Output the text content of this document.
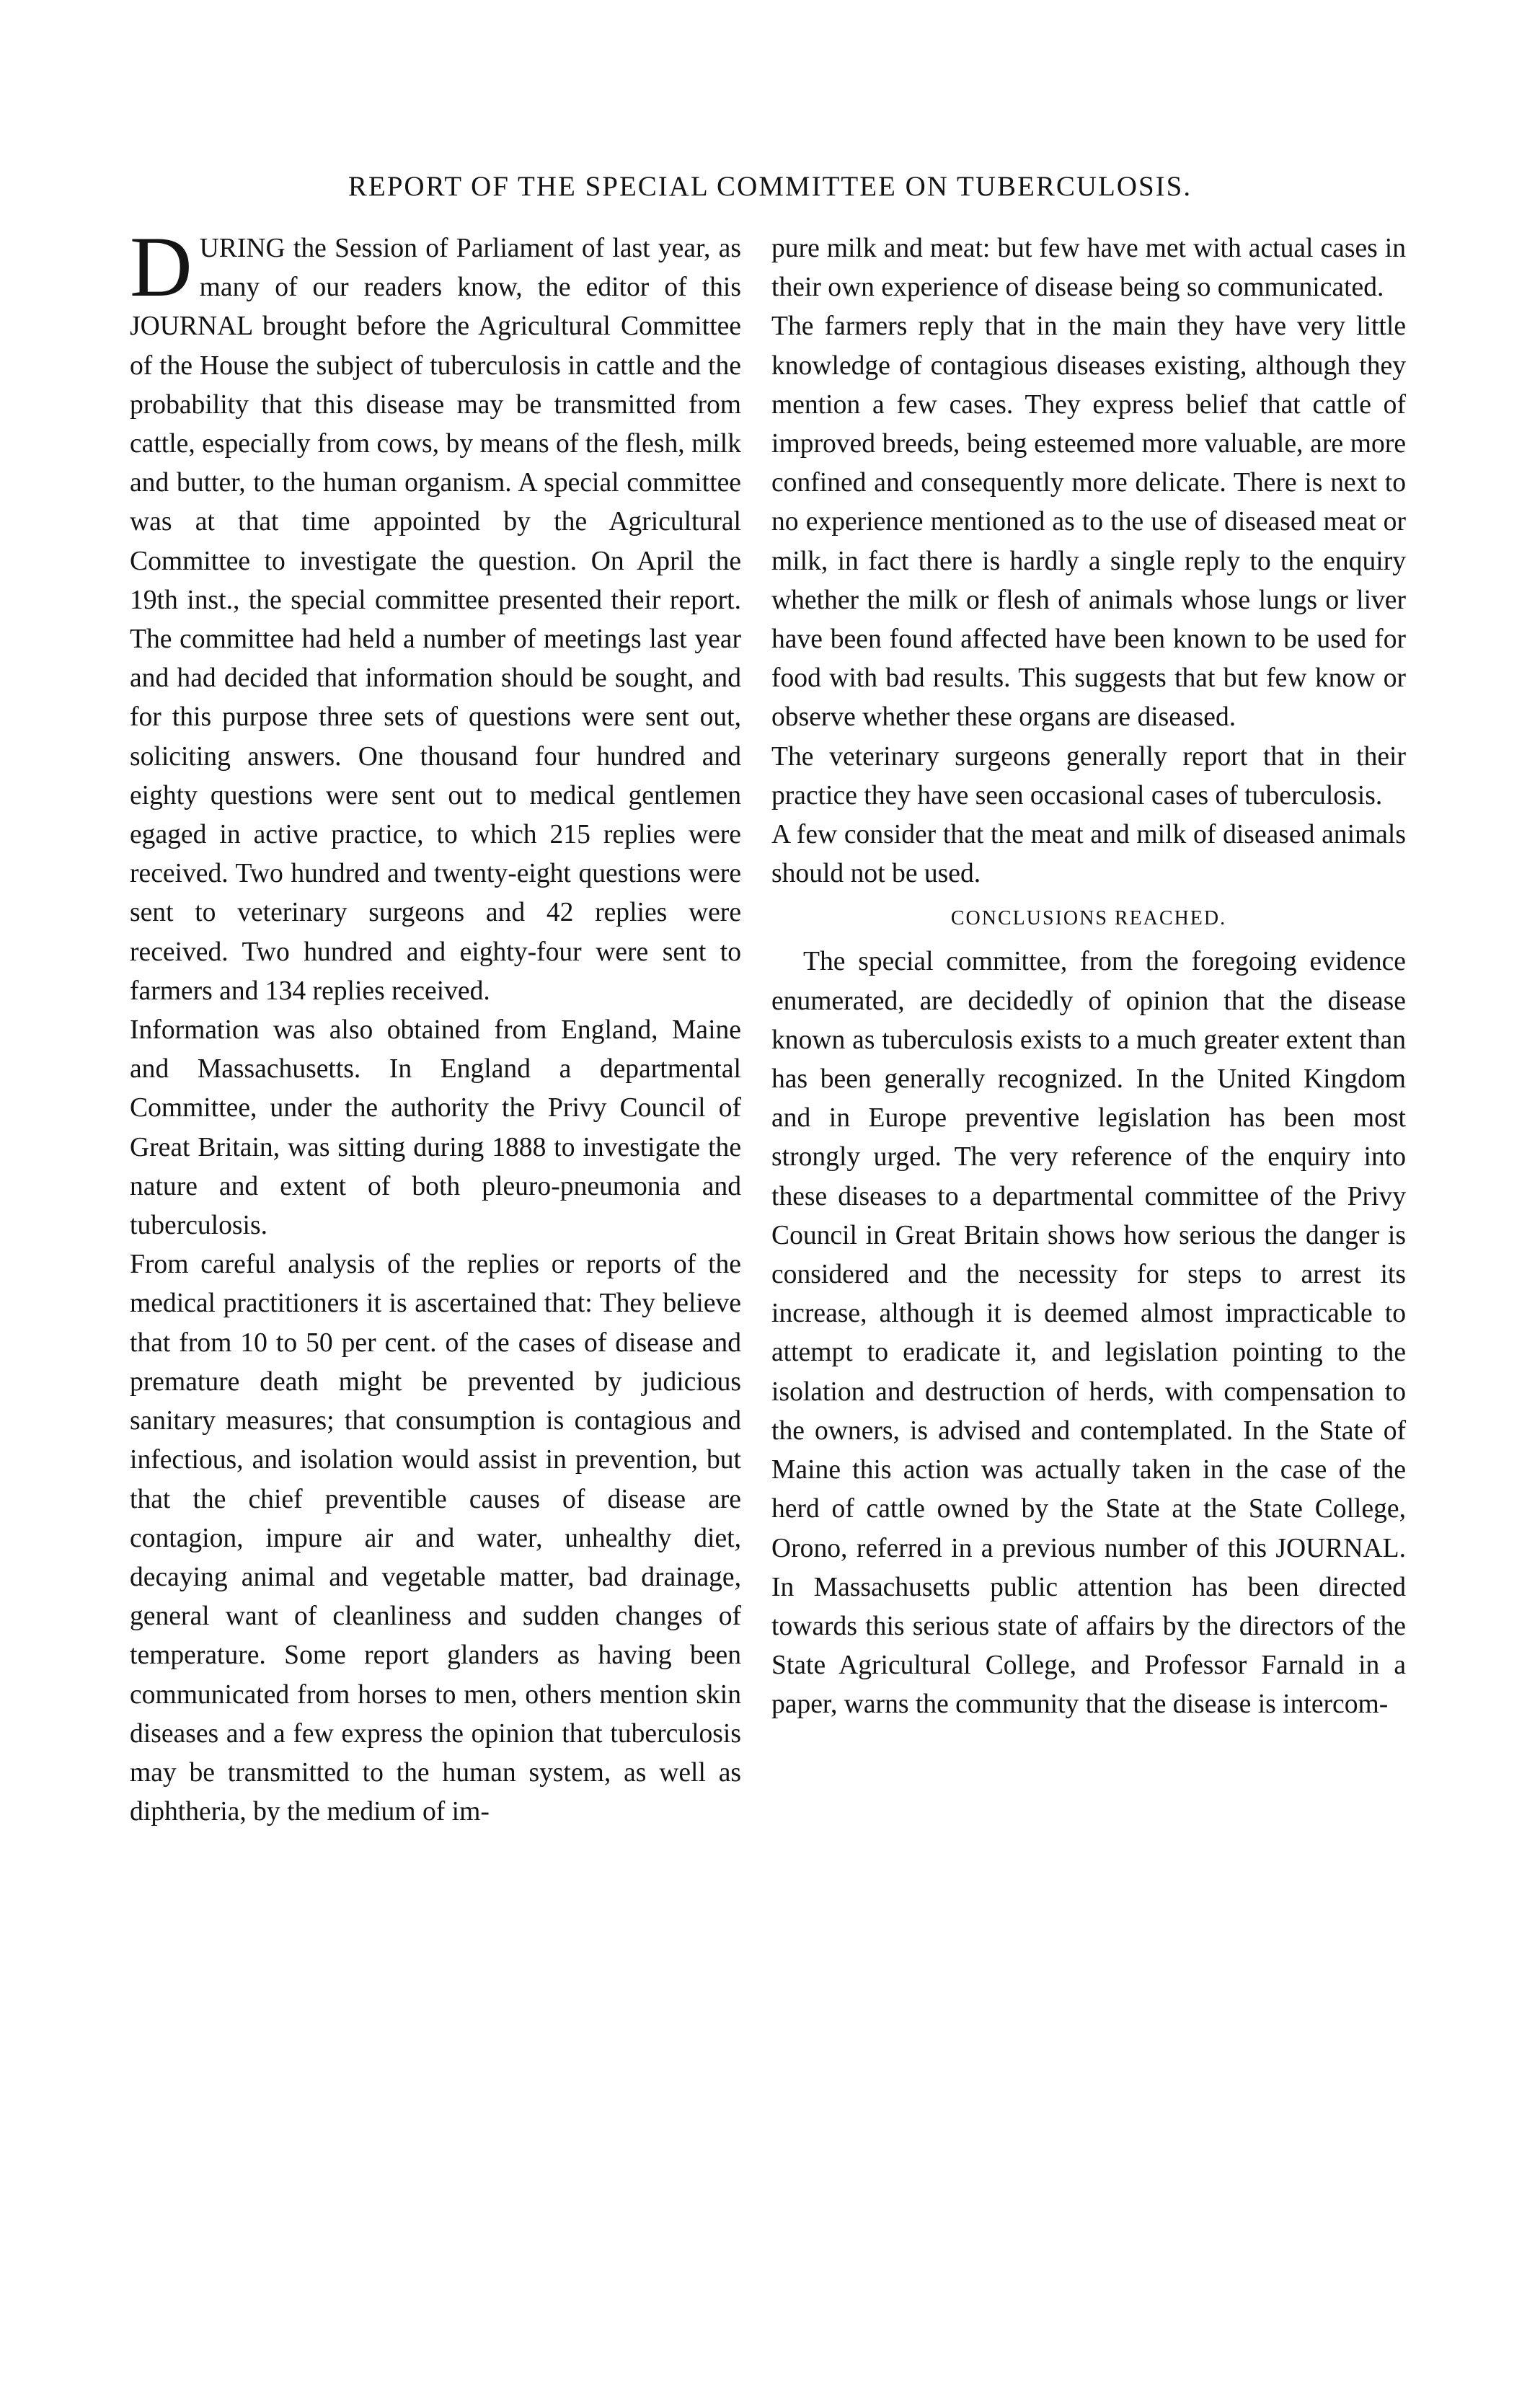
REPORT OF THE SPECIAL COMMITTEE ON TUBERCULOSIS.

DURING the Session of Parliament of last year, as many of our readers know, the editor of this JOURNAL brought before the Agricultural Committee of the House the subject of tuberculosis in cattle and the probability that this disease may be transmitted from cattle, especially from cows, by means of the flesh, milk and butter, to the human organism. A special committee was at that time appointed by the Agricultural Committee to investigate the question. On April the 19th inst., the special committee presented their report. The committee had held a number of meetings last year and had decided that information should be sought, and for this purpose three sets of questions were sent out, soliciting answers. One thousand four hundred and eighty questions were sent out to medical gentlemen egaged in active practice, to which 215 replies were received. Two hundred and twenty-eight questions were sent to veterinary surgeons and 42 replies were received. Two hundred and eighty-four were sent to farmers and 134 replies received.

Information was also obtained from England, Maine and Massachusetts. In England a departmental Committee, under the authority the Privy Council of Great Britain, was sitting during 1888 to investigate the nature and extent of both pleuro-pneumonia and tuberculosis.

From careful analysis of the replies or reports of the medical practitioners it is ascertained that: They believe that from 10 to 50 per cent. of the cases of disease and premature death might be prevented by judicious sanitary measures; that consumption is contagious and infectious, and isolation would assist in prevention, but that the chief preventible causes of disease are contagion, impure air and water, unhealthy diet, decaying animal and vegetable matter, bad drainage, general want of cleanliness and sudden changes of temperature. Some report glanders as having been communicated from horses to men, others mention skin diseases and a few express the opinion that tuberculosis may be transmitted to the human system, as well as diphtheria, by the medium of im-

pure milk and meat: but few have met with actual cases in their own experience of disease being so communicated.

The farmers reply that in the main they have very little knowledge of contagious diseases existing, although they mention a few cases. They express belief that cattle of improved breeds, being esteemed more valuable, are more confined and consequently more delicate. There is next to no experience mentioned as to the use of diseased meat or milk, in fact there is hardly a single reply to the enquiry whether the milk or flesh of animals whose lungs or liver have been found affected have been known to be used for food with bad results. This suggests that but few know or observe whether these organs are diseased.

The veterinary surgeons generally report that in their practice they have seen occasional cases of tuberculosis.

A few consider that the meat and milk of diseased animals should not be used.

CONCLUSIONS REACHED.

The special committee, from the foregoing evidence enumerated, are decidedly of opinion that the disease known as tuberculosis exists to a much greater extent than has been generally recognized. In the United Kingdom and in Europe preventive legislation has been most strongly urged. The very reference of the enquiry into these diseases to a departmental committee of the Privy Council in Great Britain shows how serious the danger is considered and the necessity for steps to arrest its increase, although it is deemed almost impracticable to attempt to eradicate it, and legislation pointing to the isolation and destruction of herds, with compensation to the owners, is advised and contemplated. In the State of Maine this action was actually taken in the case of the herd of cattle owned by the State at the State College, Orono, referred in a previous number of this JOURNAL. In Massachusetts public attention has been directed towards this serious state of affairs by the directors of the State Agricultural College, and Professor Farnald in a paper, warns the community that the disease is intercom-
